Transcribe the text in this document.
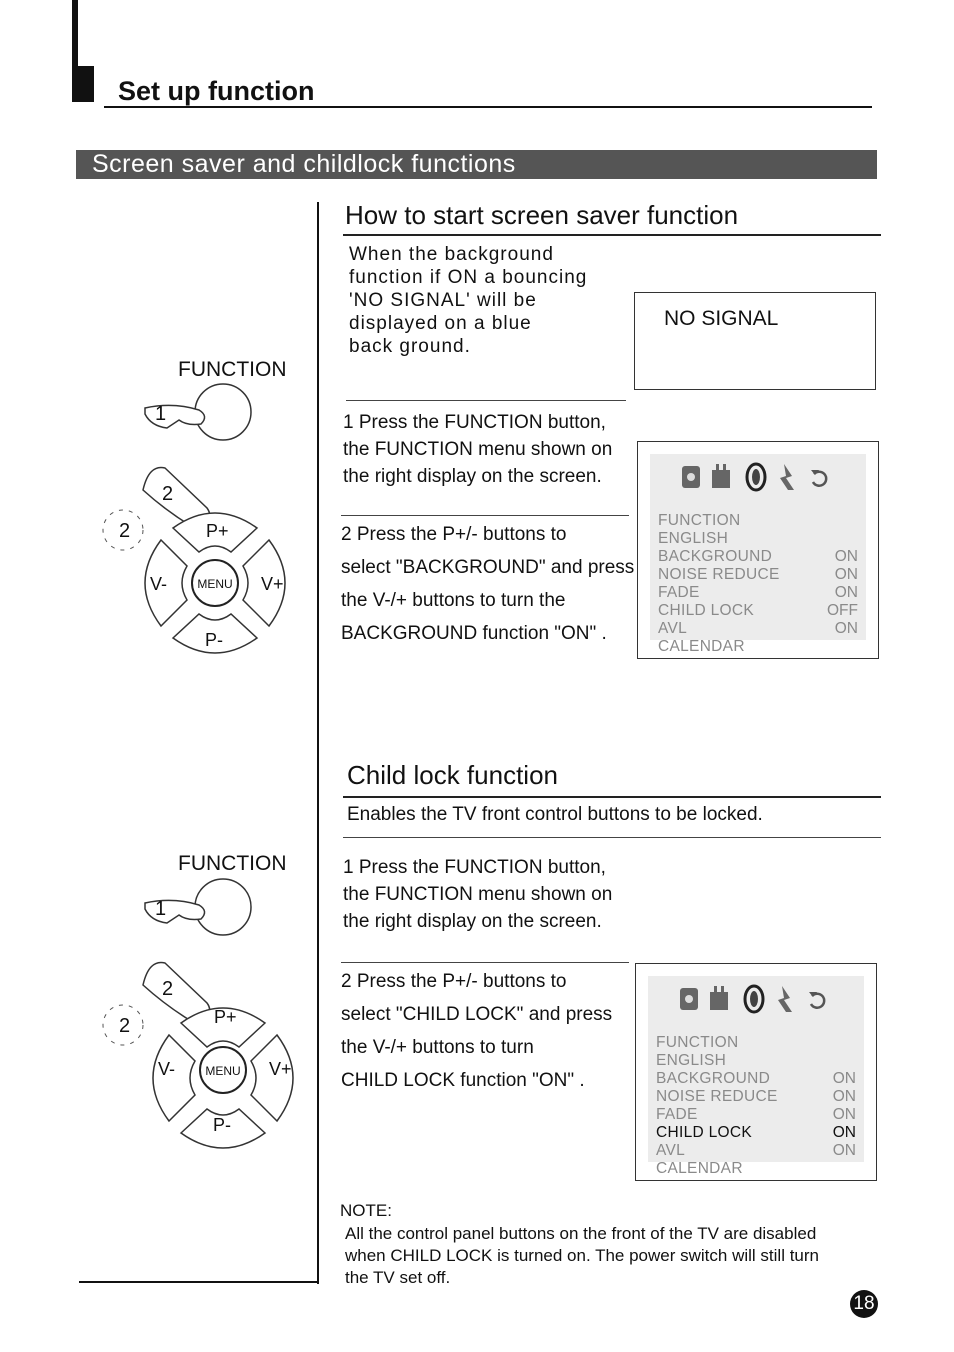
Set up function
Screen saver and childlock functions
How to start screen saver function
When the background
function if ON a bouncing
'NO SIGNAL' will be
displayed on a blue
back ground.
NO SIGNAL
1 Press the FUNCTION button,
the FUNCTION menu shown on
the right display on the screen.
2 Press the P+/- buttons to
select "BACKGROUND" and press
the V-/+ buttons to turn the
BACKGROUND function "ON" .
FUNCTION
ENGLISH
BACKGROUND	ON
NOISE REDUCE	ON
FADE	ON
CHILD LOCK	OFF
AVL	ON
CALENDAR
FUNCTION
1
2
2	P+
P-
V-	V+
MENU
Child lock function
Enables the TV front control buttons to be locked.
1 Press the FUNCTION button,
the FUNCTION menu shown on
the right display on the screen.
2 Press the P+/- buttons to
select "CHILD LOCK" and press
the V-/+ buttons to turn
CHILD LOCK function "ON" .
FUNCTION
ENGLISH
BACKGROUND	ON
NOISE REDUCE	ON
FADE	ON
CHILD LOCK	ON
AVL	ON
CALENDAR
FUNCTION
1
2
2	P+
P-
V-	V+
MENU
NOTE:
All the control panel buttons on the front of the TV are disabled
when CHILD LOCK is turned on. The power switch will still turn
the TV set off.
18
